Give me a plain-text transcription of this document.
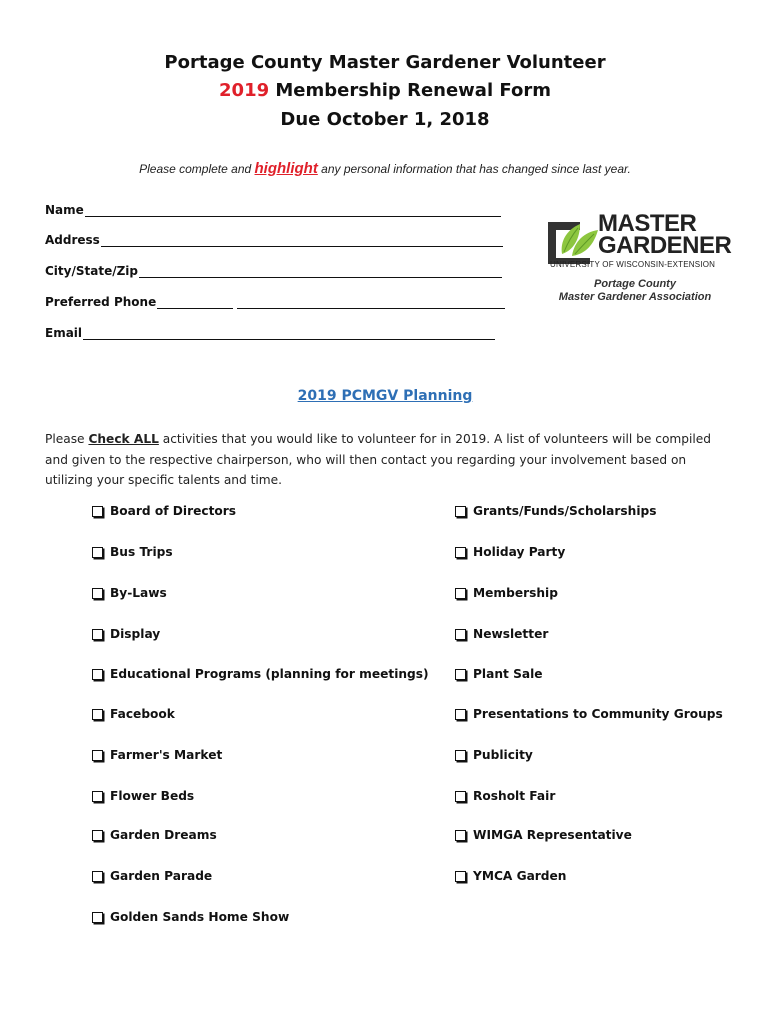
Portage County Master Gardener Volunteer
2019 Membership Renewal Form
Due October 1, 2018
Please complete and highlight any personal information that has changed since last year.
Name
Address
City/State/Zip
Preferred Phone
Email
MASTER
GARDENER
UNIVERSITY OF WISCONSIN-EXTENSION
Portage County
Master Gardener Association
2019 PCMGV Planning
Please Check ALL activities that you would like to volunteer for in 2019. A list of volunteers will be compiled and given to the respective chairperson, who will then contact you regarding your involvement based on utilizing your specific talents and time.
Board of Directors
Bus Trips
By-Laws
Display
Educational Programs (planning for meetings)
Facebook
Farmer's Market
Flower Beds
Garden Dreams
Garden Parade
Golden Sands Home Show
Grants/Funds/Scholarships
Holiday Party
Membership
Newsletter
Plant Sale
Presentations to Community Groups
Publicity
Rosholt Fair
WIMGA Representative
YMCA Garden
